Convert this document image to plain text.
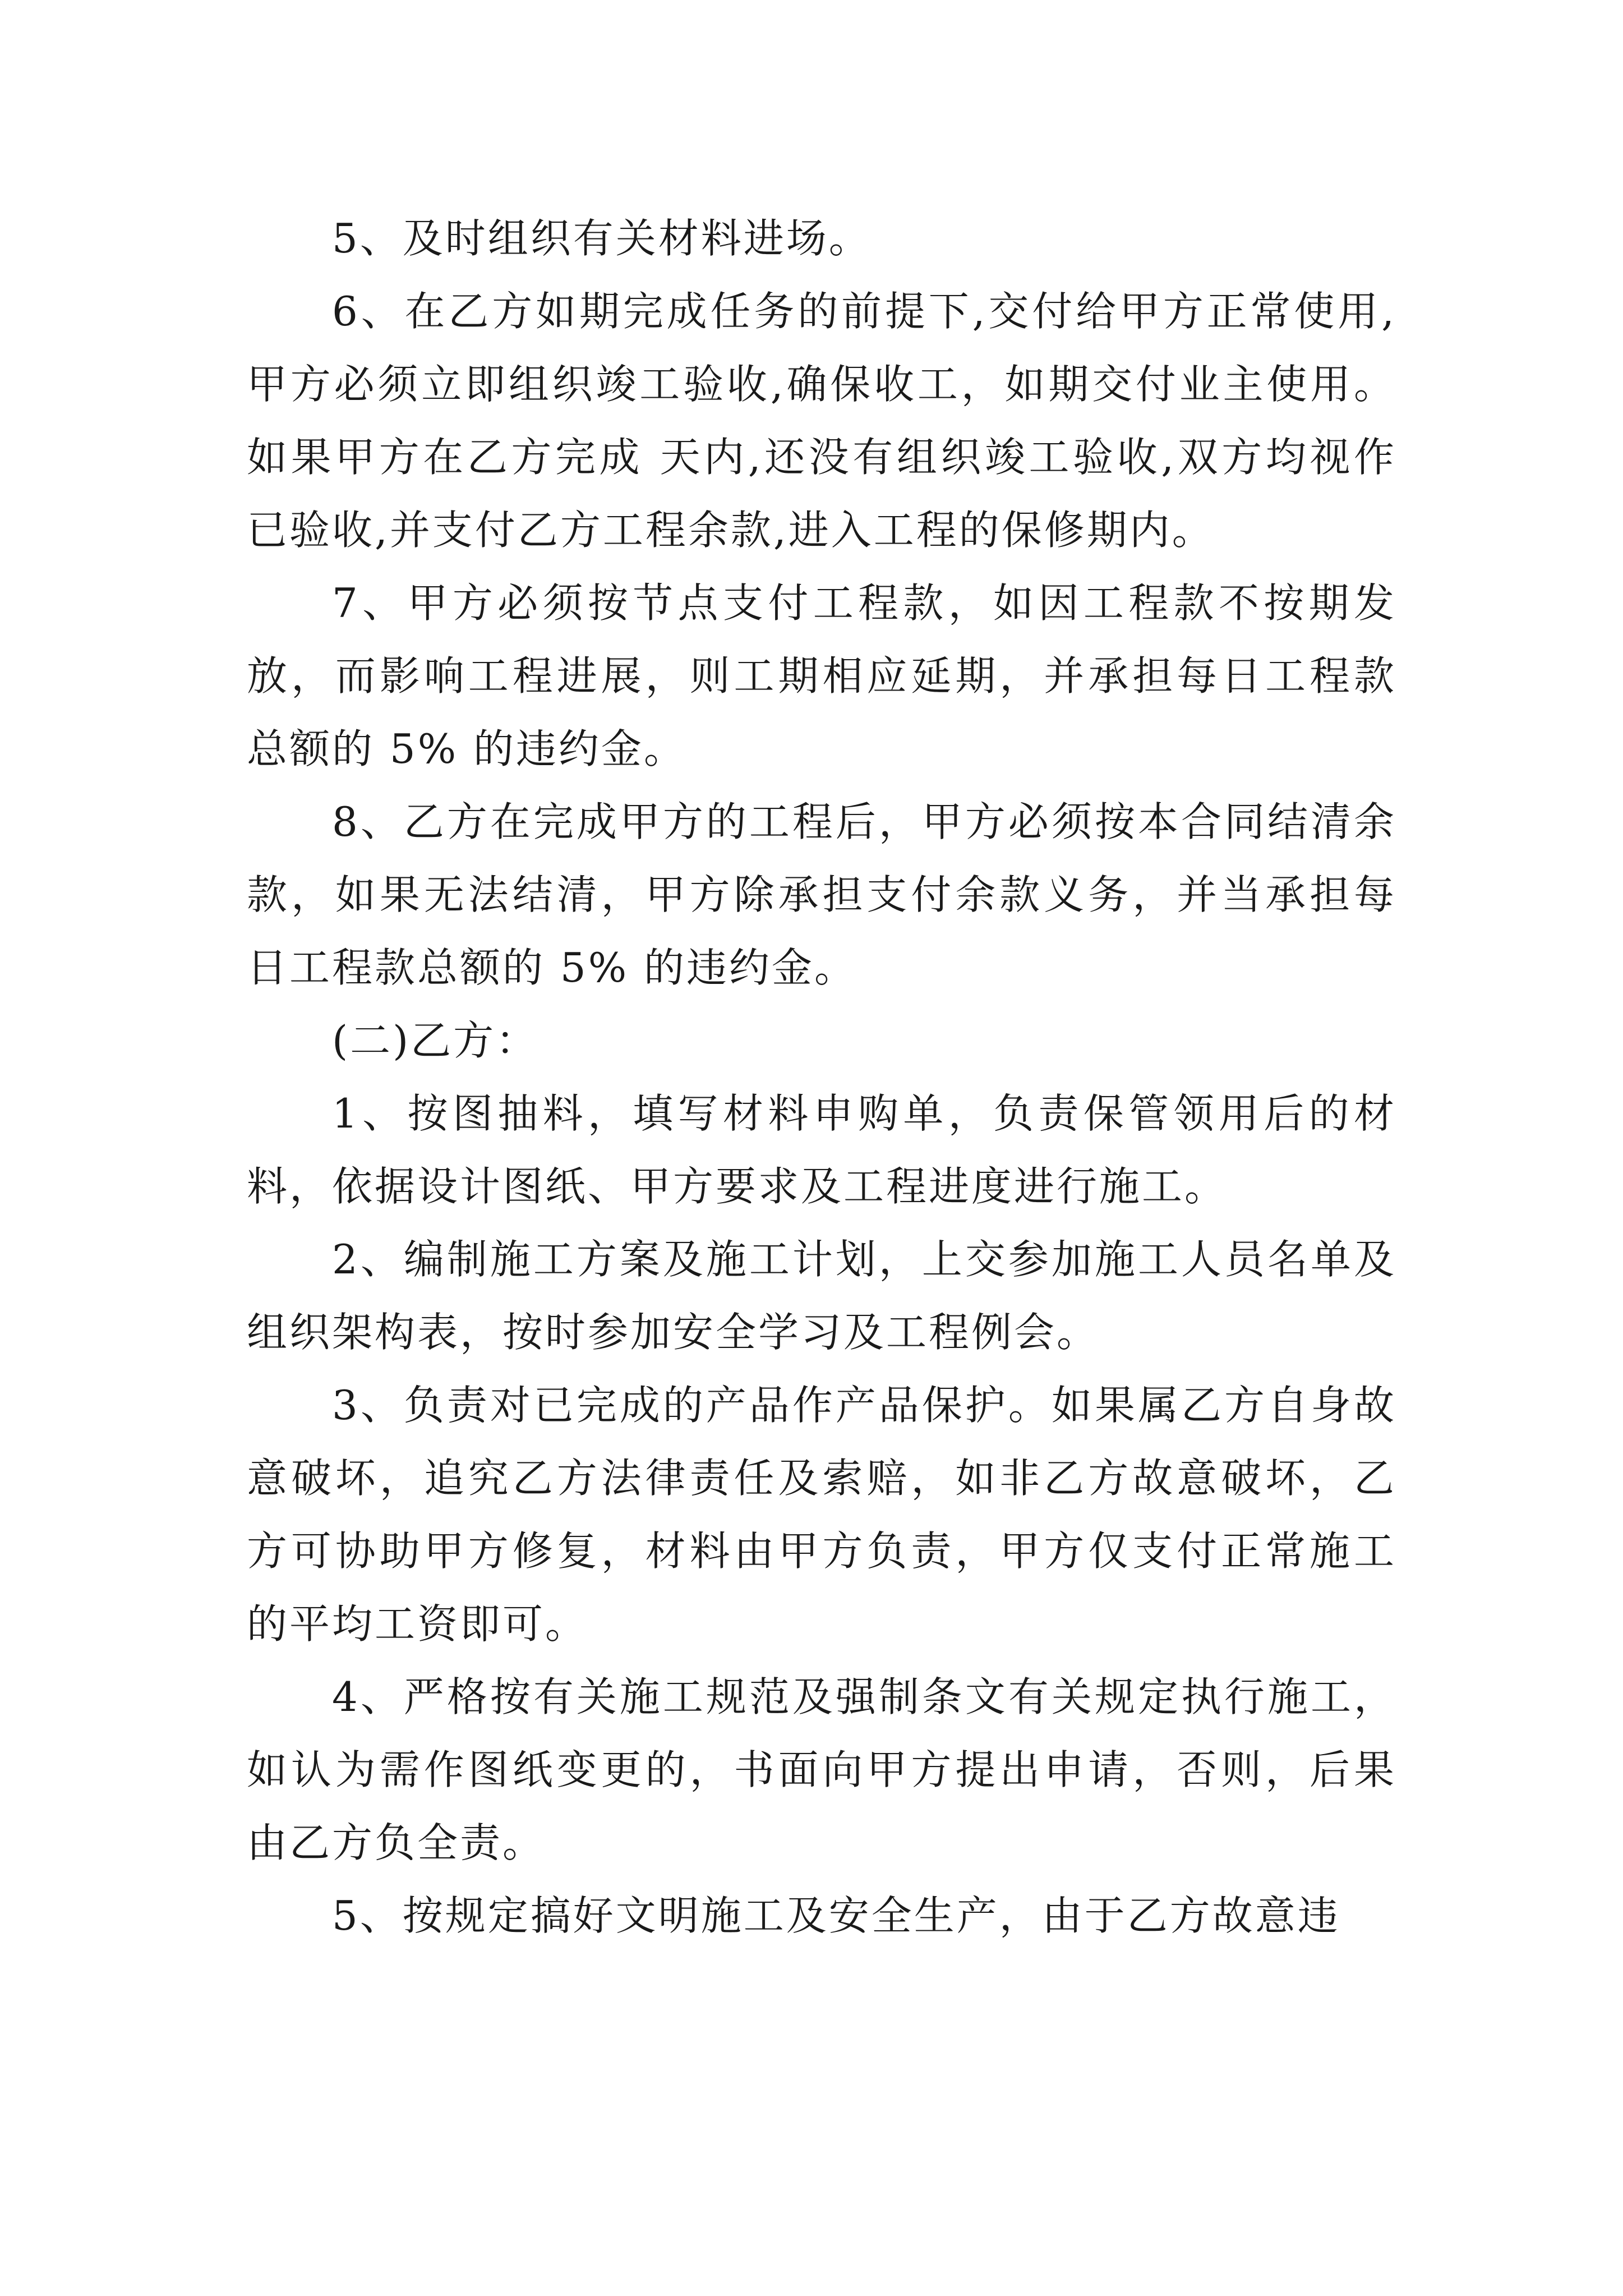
5、及时组织有关材料进场。

6、在乙方如期完成任务的前提下,交付给甲方正常使用,甲方必须立即组织竣工验收,确保收工，如期交付业主使用。如果甲方在乙方完成 天内,还没有组织竣工验收,双方均视作已验收,并支付乙方工程余款,进入工程的保修期内。

7、甲方必须按节点支付工程款，如因工程款不按期发放，而影响工程进展，则工期相应延期，并承担每日工程款总额的 5% 的违约金。

8、乙方在完成甲方的工程后，甲方必须按本合同结清余款，如果无法结清，甲方除承担支付余款义务，并当承担每日工程款总额的 5% 的违约金。

(二)乙方：

1、按图抽料，填写材料申购单，负责保管领用后的材料，依据设计图纸、甲方要求及工程进度进行施工。

2、编制施工方案及施工计划，上交参加施工人员名单及组织架构表，按时参加安全学习及工程例会。

3、负责对已完成的产品作产品保护。如果属乙方自身故意破坏，追究乙方法律责任及索赔，如非乙方故意破坏，乙方可协助甲方修复，材料由甲方负责，甲方仅支付正常施工的平均工资即可。

4、严格按有关施工规范及强制条文有关规定执行施工，如认为需作图纸变更的，书面向甲方提出申请，否则，后果由乙方负全责。

5、按规定搞好文明施工及安全生产，由于乙方故意违
